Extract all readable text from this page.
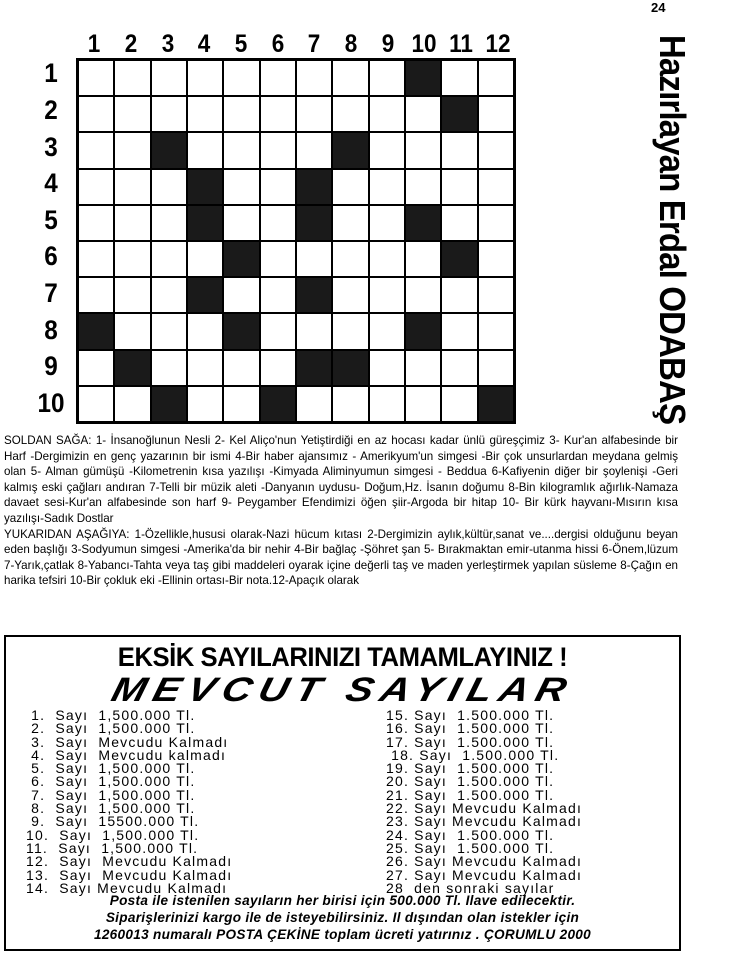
24
1 2 3 4 5 6 7 8 9 10 11 12
1
2
3
4
5
6
7
8
9
10	Hazırlayan Erdal ODABAŞ

SOLDAN SAĞA: 1- İnsanoğlunun Nesli 2- Kel Aliço'nun Yetiştirdiği en az hocası kadar ünlü güreşçimiz 3- Kur'an alfabesinde bir Harf -Dergimizin en genç yazarının bir ismi 4-Bir haber ajansımız - Amerikyum'un simgesi -Bir çok unsurlardan meydana gelmiş olan 5- Alman gümüşü -Kilometrenin kısa yazılışı -Kimyada Aliminyumun simgesi - Beddua 6-Kafiyenin diğer bir şoylenişi -Geri kalmış eski çağları andıran 7-Telli bir müzik aleti -Danyanın uydusu- Doğum,Hz. İsanın doğumu 8-Bin kilogramlık ağırlık-Namaza davaet sesi-Kur'an alfabesinde son harf 9- Peygamber Efendimizi öğen şiir-Argoda bir hitap 10- Bir kürk hayvanı-Mısırın kısa yazılışı-Sadık Dostlar

YUKARIDAN AŞAĞIYA: 1-Özellikle,hususi olarak-Nazi hücum kıtası 2-Dergimizin aylık,kültür,sanat ve....dergisi olduğunu beyan eden başlığı 3-Sodyumun simgesi -Amerika'da bir nehir 4-Bir bağlaç -Şöhret şan 5- Bırakmaktan emir-utanma hissi 6-Önem,lüzum 7-Yarık,çatlak 8-Yabancı-Tahta veya taş gibi maddeleri oyarak içine değerli taş ve maden yerleştirmek yapılan süsleme 8-Çağın en harika tefsiri 10-Bir çokluk eki -Ellinin ortası-Bir nota.12-Apaçık olarak

EKSİK SAYILARINIZI TAMAMLAYINIZ !
MEVCUT SAYILAR
1.  Sayı  1,500.000 Tl.
2.  Sayı  1,500.000 Tl.
3.  Sayı  Mevcudu Kalmadı
4.  Sayı  Mevcudu kalmadı
5.  Sayı  1,500.000 Tl.
6.  Sayı  1,500.000 Tl.
7.  Sayı  1,500.000 Tl.
8.  Sayı  1,500.000 Tl.
9.  Sayı  15500.000 Tl.
10.  Sayı  1,500.000 Tl.
11.  Sayı  1,500.000 Tl.
12.  Sayı  Mevcudu Kalmadı
13.  Sayı  Mevcudu Kalmadı
14.  Sayı Mevcudu Kalmadı
15. Sayı  1.500.000 Tl.
16. Sayı  1.500.000 Tl.
17. Sayı  1.500.000 Tl.
18. Sayı  1.500.000 Tl.
19. Sayı  1.500.000 Tl.
20. Sayı  1.500.000 Tl.
21. Sayı  1.500.000 Tl.
22. Sayı Mevcudu Kalmadı
23. Sayı Mevcudu Kalmadı
24. Sayı  1.500.000 Tl.
25. Sayı  1.500.000 Tl.
26. Sayı Mevcudu Kalmadı
27. Sayı Mevcudu Kalmadı
28  den sonraki sayılar

Posta ile istenilen sayıların her birisi için 500.000 Tl. Ilave edilecektir.

Siparişlerinizi kargo ile de isteyebilirsiniz. Il dışından olan istekler için

1260013 numaralı POSTA ÇEKİNE toplam ücreti yatırınız . ÇORUMLU 2000
